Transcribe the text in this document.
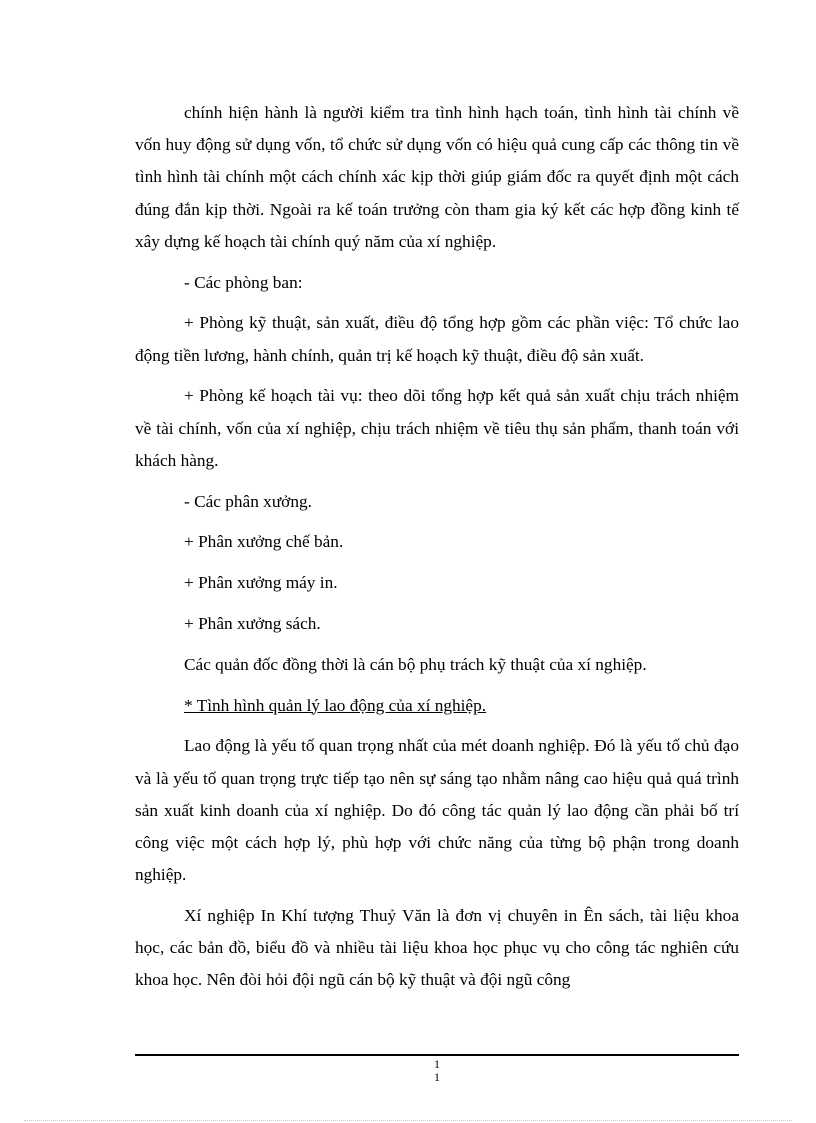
chính hiện hành là người kiểm tra tình hình hạch toán, tình hình tài chính về vốn huy động sử dụng vốn, tổ chức sử dụng vốn có hiệu quả cung cấp các thông tin về tình hình tài chính một cách chính xác kịp thời giúp giám đốc ra quyết định một cách đúng đắn kịp thời. Ngoài ra kế toán trưởng còn tham gia ký kết các hợp đồng kinh tế xây dựng kế hoạch tài chính quý năm của xí nghiệp.

- Các phòng ban:

+ Phòng kỹ thuật, sản xuất, điều độ tổng hợp gồm các phần việc: Tổ chức lao động tiền lương, hành chính, quản trị kế hoạch kỹ thuật, điều độ sản xuất.

+ Phòng kế hoạch tài vụ: theo dõi tổng hợp kết quả sản xuất chịu trách nhiệm về tài chính, vốn của xí nghiệp, chịu trách nhiệm về tiêu thụ sản phẩm, thanh toán với khách hàng.

- Các phân xưởng.

+ Phân xưởng chế bản.

+ Phân xưởng máy in.

+ Phân xưởng sách.

Các quản đốc đồng thời là cán bộ phụ trách kỹ thuật của xí nghiệp.

* Tình hình quản lý lao động của xí nghiệp.

Lao động là yếu tố quan trọng nhất của mét doanh nghiệp. Đó là yếu tố chủ đạo và là yếu tố quan trọng trực tiếp tạo nên sự sáng tạo nhằm nâng cao hiệu quả quá trình sản xuất kinh doanh của xí nghiệp. Do đó công tác quản lý lao động cần phải bố trí công việc một cách hợp lý, phù hợp với chức năng của từng bộ phận trong doanh nghiệp.

Xí nghiệp In Khí tượng Thuỷ Văn là đơn vị chuyên in Ên sách, tài liệu khoa học, các bản đồ, biểu đồ và nhiều tài liệu khoa học phục vụ cho công tác nghiên cứu khoa học. Nên đòi hỏi đội ngũ cán bộ kỹ thuật và đội ngũ công

1
1
